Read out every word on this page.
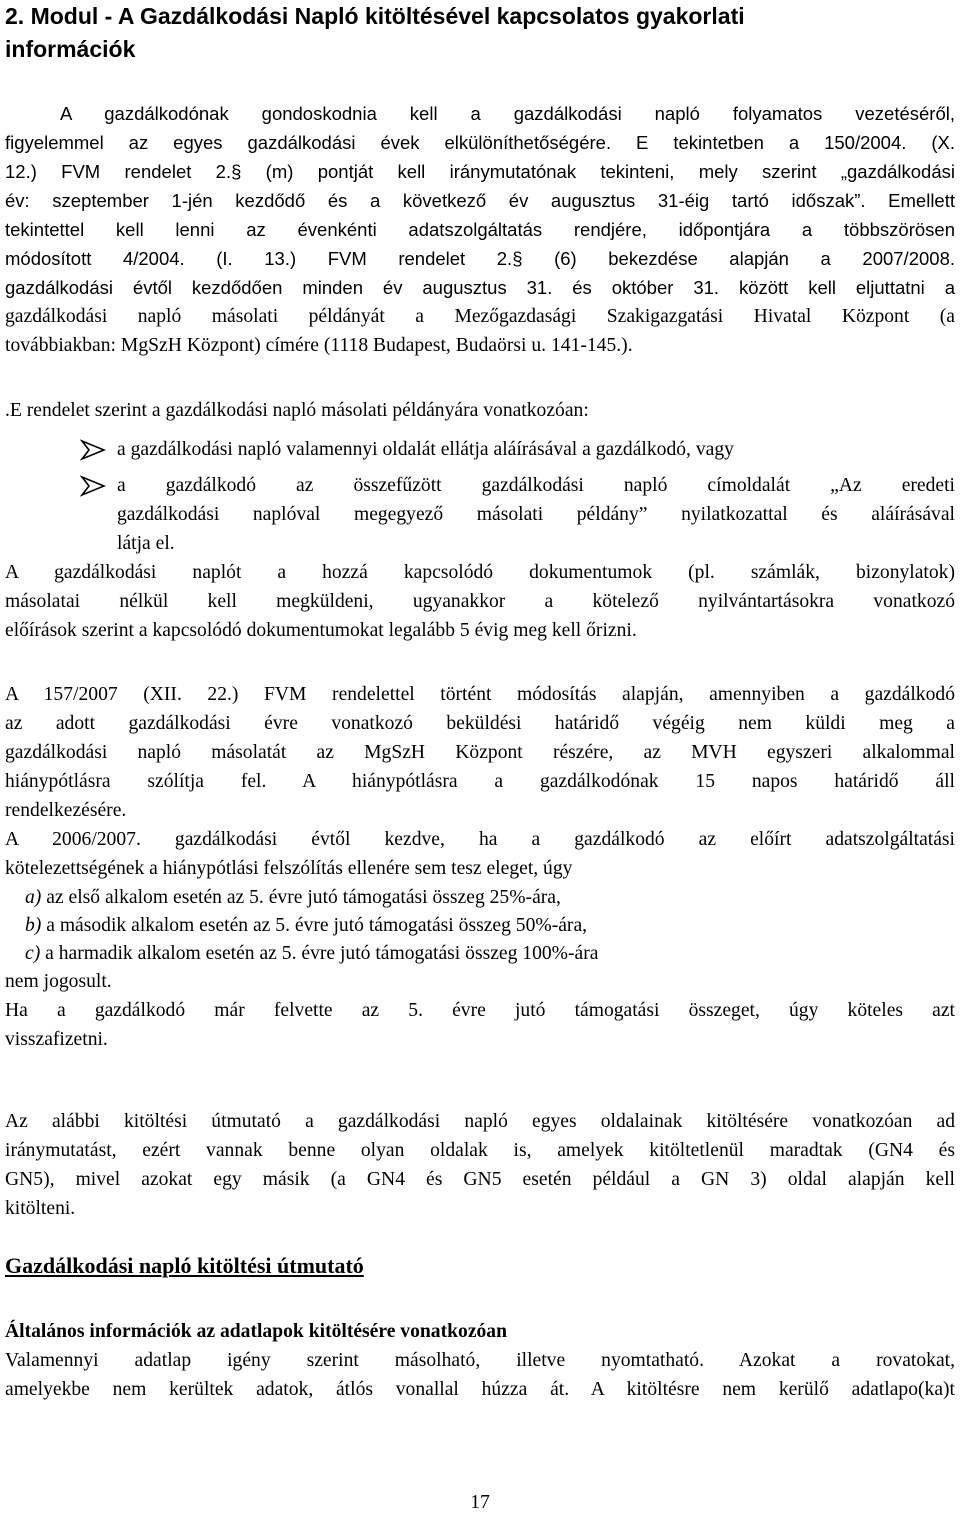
2. Modul - A Gazdálkodási Napló kitöltésével kapcsolatos gyakorlati
információk
A gazdálkodónak gondoskodnia kell a gazdálkodási napló folyamatos vezetéséről,
figyelemmel az egyes gazdálkodási évek elkülöníthetőségére. E tekintetben a 150/2004. (X.
12.) FVM rendelet 2.§ (m) pontját kell iránymutatónak tekinteni, mely szerint „gazdálkodási
év: szeptember 1-jén kezdődő és a következő év augusztus 31-éig tartó időszak”. Emellett
tekintettel kell lenni az évenkénti adatszolgáltatás rendjére, időpontjára a többszörösen
módosított 4/2004. (I. 13.) FVM rendelet 2.§ (6) bekezdése alapján a 2007/2008.
gazdálkodási évtől kezdődően minden év augusztus 31. és október 31. között kell eljuttatni a
gazdálkodási napló másolati példányát a Mezőgazdasági Szakigazgatási Hivatal Központ (a
továbbiakban: MgSzH Központ) címére (1118 Budapest, Budaörsi u. 141-145.).
.E rendelet szerint a gazdálkodási napló másolati példányára vonatkozóan:
a gazdálkodási napló valamennyi oldalát ellátja aláírásával a gazdálkodó, vagy
a gazdálkodó az összefűzött gazdálkodási napló címoldalát „Az eredeti
gazdálkodási naplóval megegyező másolati példány” nyilatkozattal és aláírásával
látja el.
A gazdálkodási naplót a hozzá kapcsolódó dokumentumok (pl. számlák, bizonylatok)
másolatai nélkül kell megküldeni, ugyanakkor a kötelező nyilvántartásokra vonatkozó
előírások szerint a kapcsolódó dokumentumokat legalább 5 évig meg kell őrizni.
A 157/2007 (XII. 22.) FVM rendelettel történt módosítás alapján, amennyiben a gazdálkodó
az adott gazdálkodási évre vonatkozó beküldési határidő végéig nem küldi meg a
gazdálkodási napló másolatát az MgSzH Központ részére, az MVH egyszeri alkalommal
hiánypótlásra szólítja fel. A hiánypótlásra a gazdálkodónak 15 napos határidő áll
rendelkezésére.
A 2006/2007. gazdálkodási évtől kezdve, ha a gazdálkodó az előírt adatszolgáltatási
kötelezettségének a hiánypótlási felszólítás ellenére sem tesz eleget, úgy
a) az első alkalom esetén az 5. évre jutó támogatási összeg 25%-ára,
b) a második alkalom esetén az 5. évre jutó támogatási összeg 50%-ára,
c) a harmadik alkalom esetén az 5. évre jutó támogatási összeg 100%-ára
nem jogosult.
Ha a gazdálkodó már felvette az 5. évre jutó támogatási összeget, úgy köteles azt
visszafizetni.
Az alábbi kitöltési útmutató a gazdálkodási napló egyes oldalainak kitöltésére vonatkozóan ad
iránymutatást, ezért vannak benne olyan oldalak is, amelyek kitöltetlenül maradtak (GN4 és
GN5), mivel azokat egy másik (a GN4 és GN5 esetén például a GN 3) oldal alapján kell
kitölteni.
Gazdálkodási napló kitöltési útmutató
Általános információk az adatlapok kitöltésére vonatkozóan
Valamennyi adatlap igény szerint másolható, illetve nyomtatható. Azokat a rovatokat,
amelyekbe nem kerültek adatok, átlós vonallal húzza át. A kitöltésre nem kerülő adatlapo(ka)t
17
